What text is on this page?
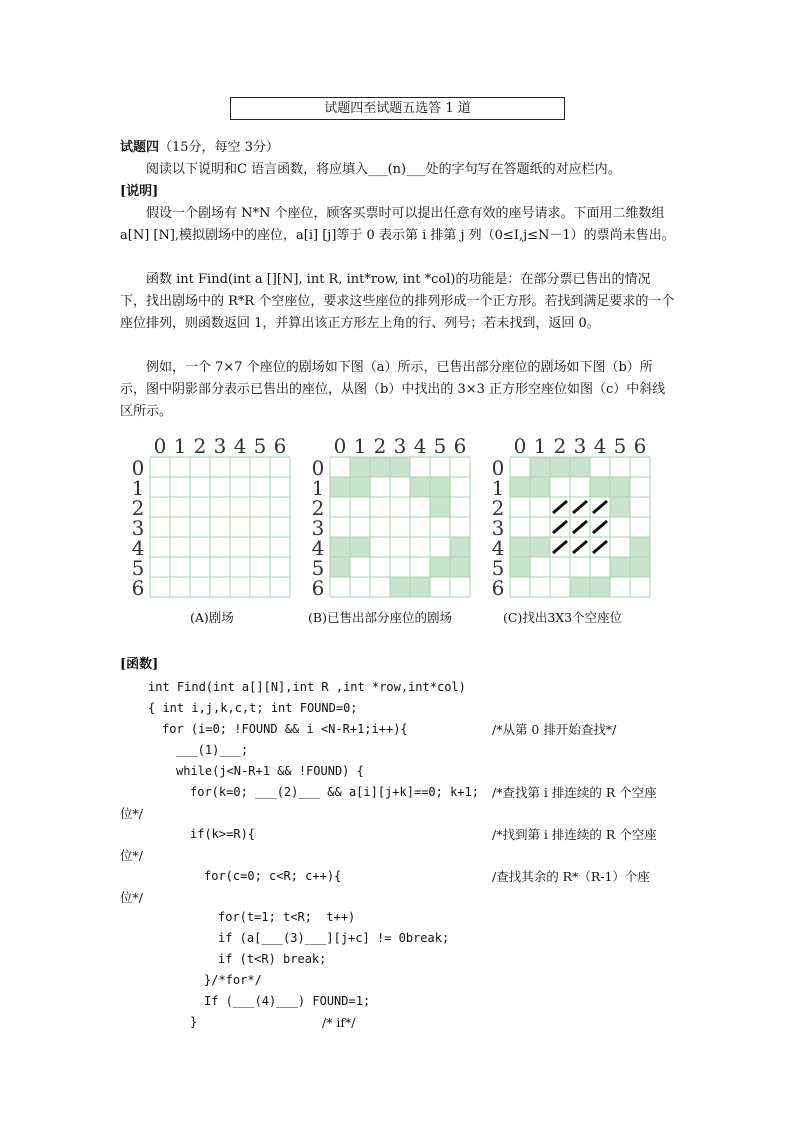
试题四至试题五选答 1 道
试题四（15分，每空 3分）
阅读以下说明和C 语言函数，将应填入___(n)___处的字句写在答题纸的对应栏内。
[说明]
假设一个剧场有 N*N 个座位，顾客买票时可以提出任意有效的座号请求。下面用二维数组 a[N] [N],模拟剧场中的座位，a[i] [j]等于 0 表示第 i 排第 j 列（0≤I,j≤N－1）的票尚未售出。
函数 int Find(int a [][N], int R, int*row, int *col)的功能是：在部分票已售出的情况下，找出剧场中的 R*R 个空座位，要求这些座位的排列形成一个正方形。若找到满足要求的一个座位排列，则函数返回 1，并算出该正方形左上角的行、列号；若未找到，返回 0。
例如，一个 7×7 个座位的剧场如下图（a）所示，已售出部分座位的剧场如下图（b）所示，图中阴影部分表示已售出的座位，从图（b）中找出的 3×3 正方形空座位如图（c）中斜线区所示。
0 1 2 3 4 5 6
0
1
2
3
4
5
6
0 1 2 3 4 5 6
0
1
2
3
4
5
6
0 1 2 3 4 5 6
0
1
2
3
4
5
6
(A)剧场	(B)已售出部分座位的剧场	(C)找出3X3个空座位
[函数]
int Find(int a[][N],int R ,int *row,int*col)
{ int i,j,k,c,t; int FOUND=0;
for (i=0; !FOUND && i <N-R+1;i++){
___(1)___;
while(j<N-R+1 && !FOUND) {
for(k=0; ___(2)___ && a[i][j+k]==0; k+1;
if(k>=R){
for(c=0; c<R; c++){
for(t=1; t<R;  t++)
if (a[___(3)___][j+c] != 0break;
if (t<R) break;
}/*for*/
If (___(4)___) FOUND=1;
}
/*从第 0 排开始查找*/
/*查找第 i 排连续的 R 个空座
位*/
/*找到第 i 排连续的 R 个空座
位*/
/查找其余的 R*（R-1）个座
位*/
/* if*/
